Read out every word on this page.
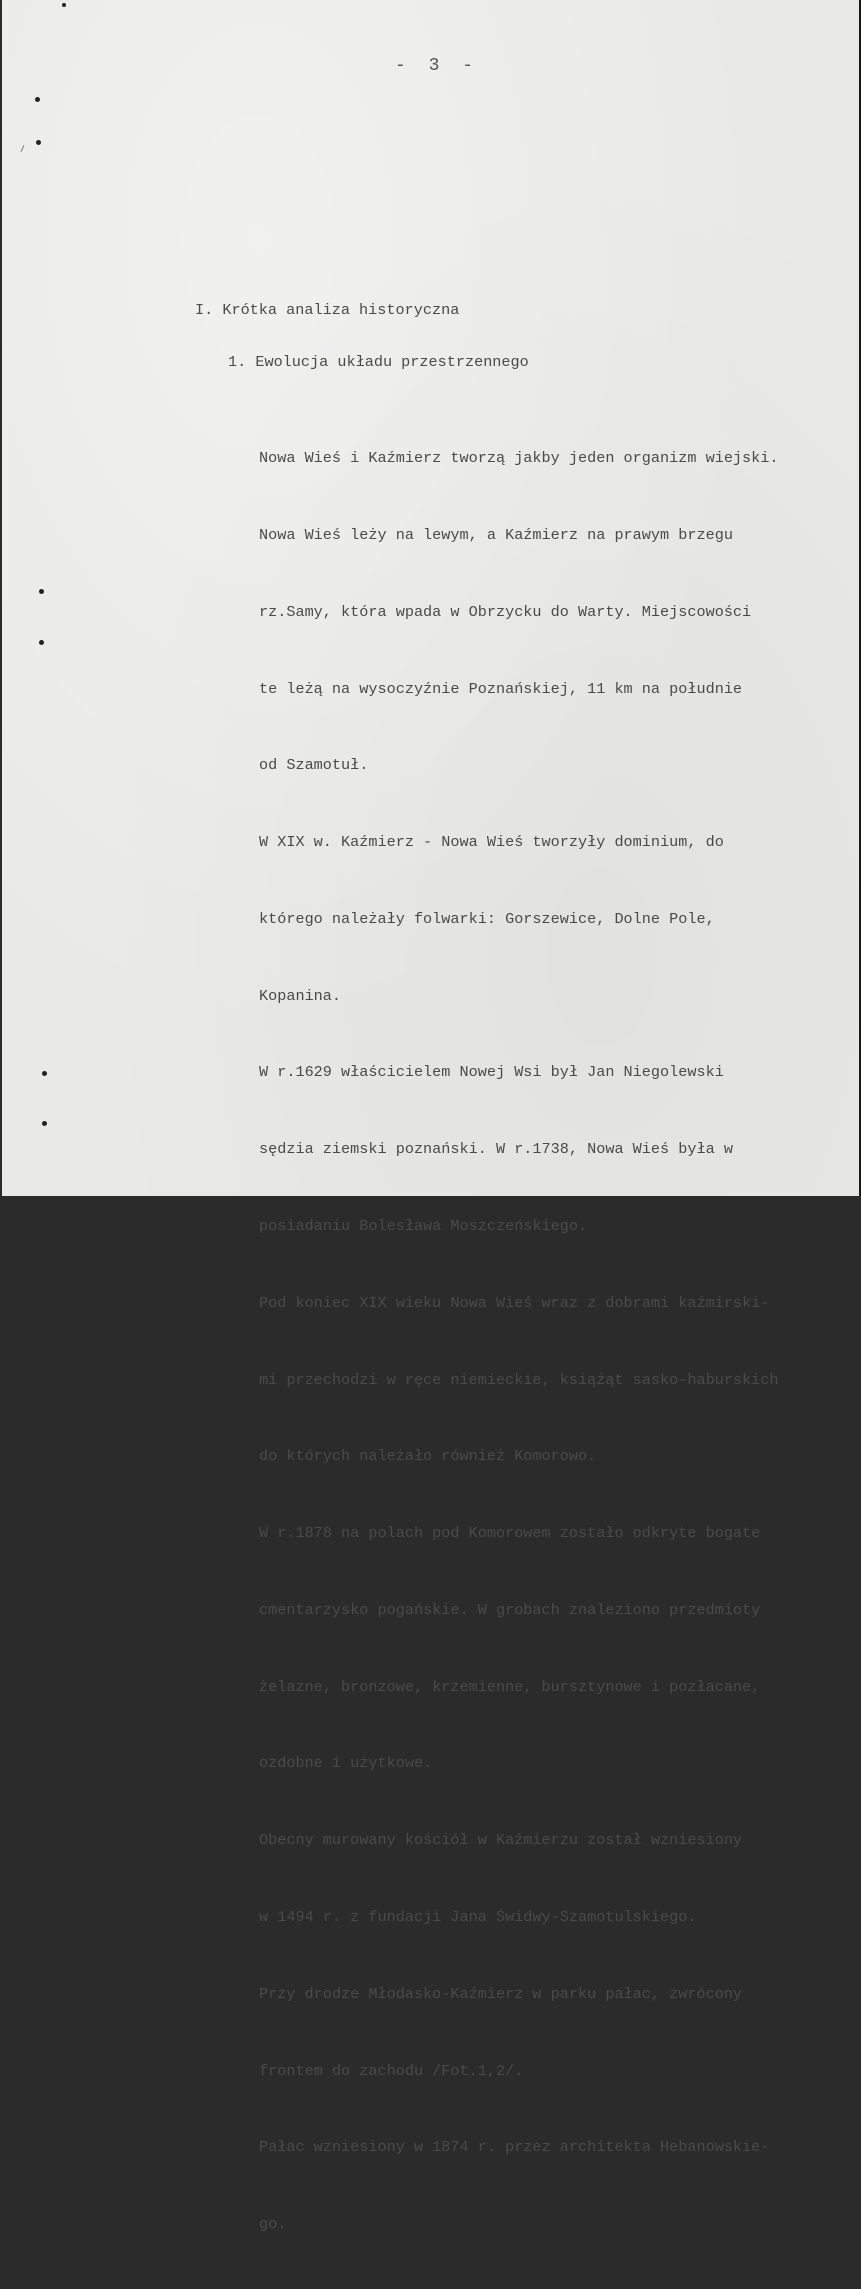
- 3 -
I. Krótka analiza historyczna
1. Ewolucja układu przestrzennego

Nowa Wieś i Kaźmierz tworzą jakby jeden organizm wiejski.

Nowa Wieś leży na lewym, a Kaźmierz na prawym brzegu

rz.Samy, która wpada w Obrzycku do Warty. Miejscowości

te leżą na wysoczyźnie Poznańskiej, 11 km na południe

od Szamotuł.

W XIX w. Kaźmierz - Nowa Wieś tworzyły dominium, do

którego należały folwarki: Gorszewice, Dolne Pole,

Kopanina.

W r.1629 właścicielem Nowej Wsi był Jan Niegolewski

sędzia ziemski poznański. W r.1738, Nowa Wieś była w

posiadaniu Bolesława Moszczeńskiego.

Pod koniec XIX wieku Nowa Wieś wraz z dobrami kaźmirski-

mi przechodzi w ręce niemieckie, książąt sasko-haburskich

do których należało również Komorowo.

W r.1878 na polach pod Komorowem zostało odkryte bogate

cmentarzysko pogańskie. W grobach znaleziono przedmioty

żelazne, bronzowe, krzemienne, bursztynowe i pozłacane,

ozdobne i użytkowe.

Obecny murowany kościół w Kaźmierzu został wzniesiony

w 1494 r. z fundacji Jana Świdwy-Szamotulskiego.

Przy drodze Młodasko-Kaźmierz w parku pałac, zwrócony

frontem do zachodu /Fot.1,2/.

Pałac wzniesiony w 1874 r. przez architekta Hebanowskie-

go.
